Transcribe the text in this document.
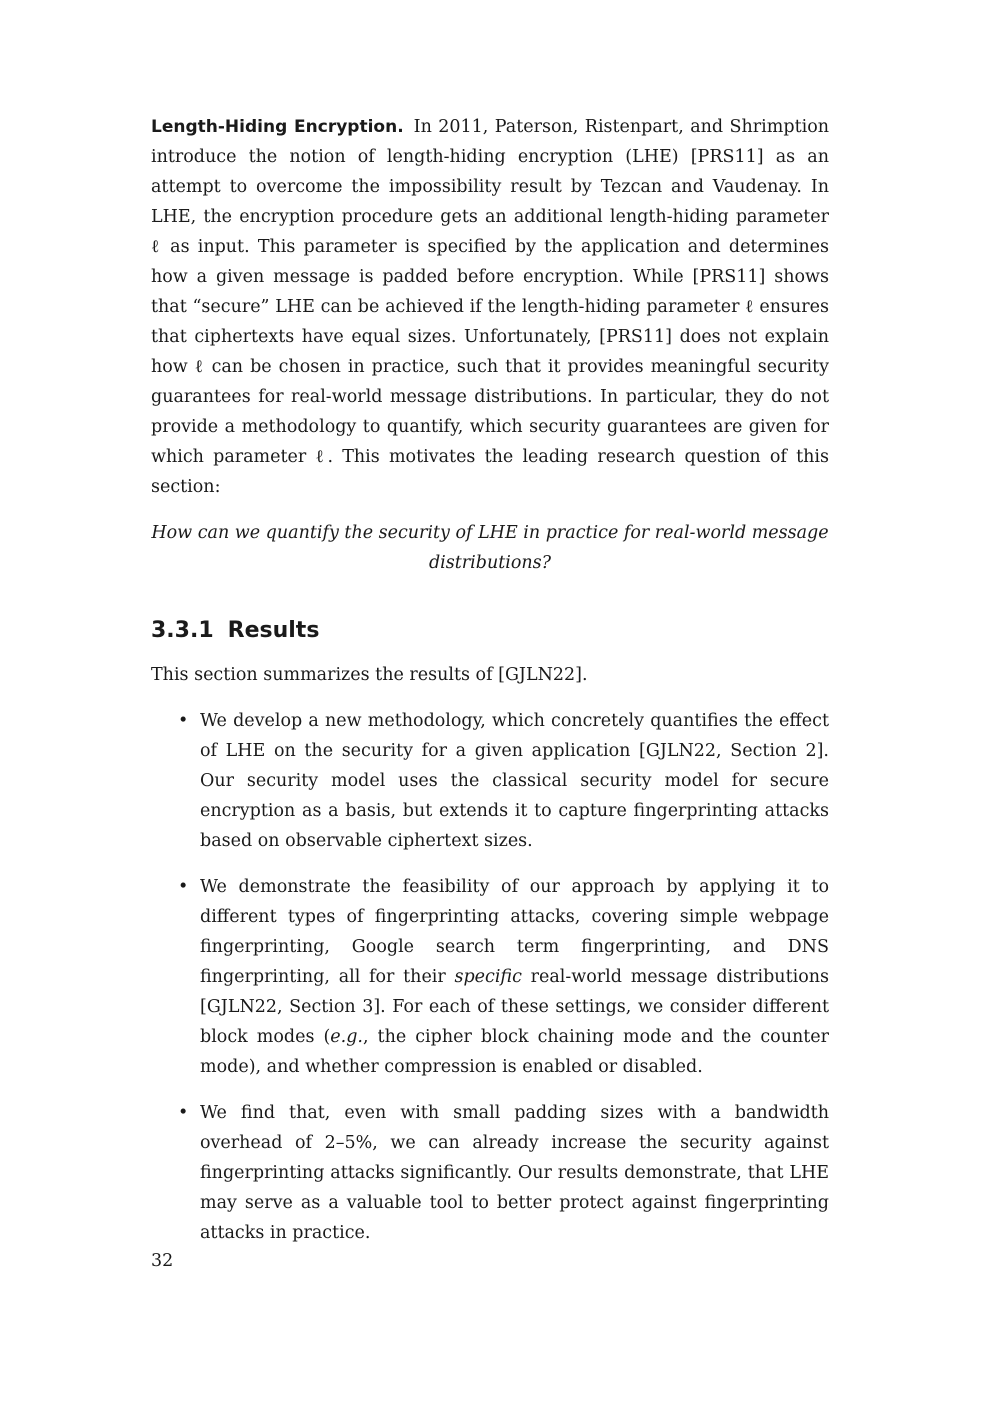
Length-Hiding Encryption. In 2011, Paterson, Ristenpart, and Shrimption introduce the notion of length-hiding encryption (LHE) [PRS11] as an attempt to overcome the impossibility result by Tezcan and Vaudenay. In LHE, the encryption procedure gets an additional length-hiding parameter ℓ as input. This parameter is specified by the application and determines how a given message is padded before encryption. While [PRS11] shows that “secure” LHE can be achieved if the length-hiding parameter ℓ ensures that ciphertexts have equal sizes. Unfortunately, [PRS11] does not explain how ℓ can be chosen in practice, such that it provides meaningful security guarantees for real-world message distributions. In particular, they do not provide a methodology to quantify, which security guarantees are given for which parameter ℓ. This motivates the leading research question of this section:

How can we quantify the security of LHE in practice for real-world message distributions?

3.3.1 Results

This section summarizes the results of [GJLN22].

• We develop a new methodology, which concretely quantifies the effect of LHE on the security for a given application [GJLN22, Section 2]. Our security model uses the classical security model for secure encryption as a basis, but extends it to capture fingerprinting attacks based on observable ciphertext sizes.

• We demonstrate the feasibility of our approach by applying it to different types of fingerprinting attacks, covering simple webpage fingerprinting, Google search term fingerprinting, and DNS fingerprinting, all for their specific real-world message distributions [GJLN22, Section 3]. For each of these settings, we consider different block modes (e.g., the cipher block chaining mode and the counter mode), and whether compression is enabled or disabled.

• We find that, even with small padding sizes with a bandwidth overhead of 2–5%, we can already increase the security against fingerprinting attacks significantly. Our results demonstrate, that LHE may serve as a valuable tool to better protect against fingerprinting attacks in practice.

32
